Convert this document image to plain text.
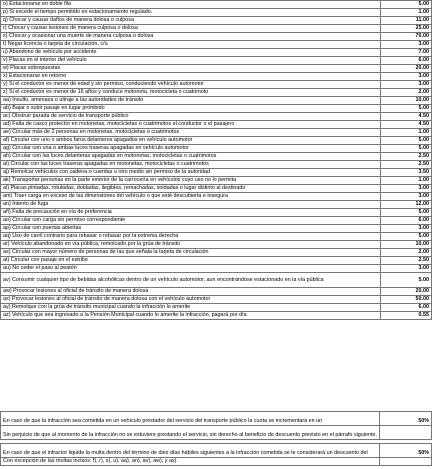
o) Estacionarse en doble fila	5.00
p) Si excede el tiempo permitido en estacionamiento regulado.	1.00
q) Chocar y causar daños de manera dolosa o culposa	11.00
r) Chocar y causar lesiones de manera culposa o dolosa	25.00
s) Chocar y ocasionar una muerte de manera culposa o dolosa	70.00
t) Negar licencia o tarjeta de circulación, c/u	3.00
u) Abandono de vehículo por accidente	7.00
v) Placas en el interior del vehículo	6.00
w) Placas sobrepuestas	20.00
x) Estacionarse en retorno	3.00
y) Si el conductor es menor de edad y sin permiso, conduciendo vehículo automotor	3.00
z) Si el conductor es menor de 16 años y conduce motoneta, motocicleta o cuatrimoto	2.00
aa) Insulto, amenaza o ultraje a las autoridades de tránsito	10.00
ab) Bajar o subir pasaje en lugar prohibido	5.00
ac) Obstruir parada de servicio de transporte público	4.50
ad) Falta de casco protector en motonetas, motocicletas o cuatrimotos el conductor o el pasajero	4.50
ae) Circular más de 2 personas en motonetas, motocicletas o cuatrimotos	1.00
af) Circular con uno o ambos faros delanteros apagados en vehículo automotor	5.00
ag) Circular con una o ambas luces traseras apagadas en vehículo automotor	5.00
ah) Circular con las luces delanteras apagadas en motonetas, motocicletas o cuatrimotos	2.50
ai) Circular con las luces traseras apagadas en motonetas, motocicletas o cuatrimotos	2.50
aj) Remolcar vehículos con cadena o cuerdas u otro medio sin permiso de la autoridad	3.50
ak) Transportar personas en la parte exterior de la carrocería en vehículos cuyo uso no lo permita	1.00
al) Placas pintadas, rotuladas, dobladas, ilegibles, remachadas, soldadas o lugar distinto al destinado	3.00
am) Traer carga en exceso de las dimensiones del vehículo o que esté descubierta e insegura	3.00
an) Intento de fuga	12.00
añ) Falta de precaución en vía de preferencia	5.00
ao) Circular con carga sin permiso correspondiente	6.00
ap) Circular con puertas abiertas	3.00
aq) Uso de carril contrario para rebasar o rebasar por la extrema derecha	5.00
ar) Vehículo abandonado en vía pública, remolcado por la grúa de tránsito	10.00
as) Circular con mayor número de personas de las que señala la tarjeta de circulación	2.00
at) Circular con pasaje en el estribo	2.50
au) No ceder el paso al peatón	3.00
av) Consumir cualquier tipo de bebidas alcohólicas dentro de un vehículo automotor, aun encontrándose estacionado en la vía pública	5.00
aw) Provocar lesiones al oficial de tránsito de manera dolosa	20.00
ax) Provocar lesiones al oficial de tránsito de manera dolosa con el vehículo automotor	50.00
ay) Remolque con la grúa de tránsito municipal cuando la infracción lo amerite	6.00
az) Vehículo que sea ingresado a la Pensión Municipal cuando lo amerite la infracción, pagará por día	0.55
En caso de que la infracción sea cometida en un vehículo prestador del servicio del transporte público la cuota se incrementará en un	50%
Sin perjuicio de que al momento de la infracción no se estuviere prestando el servicio, sin derecho al beneficio de descuento previsto en el párrafo siguiente.	
En caso de que el infractor liquide la multa dentro del término de diez días hábiles siguientes a la infracción cometida se le considerará un descuento del	50%
Con excepción de las multas incisos: f), r), s), u), aa), an), av), aw), y ax).	
